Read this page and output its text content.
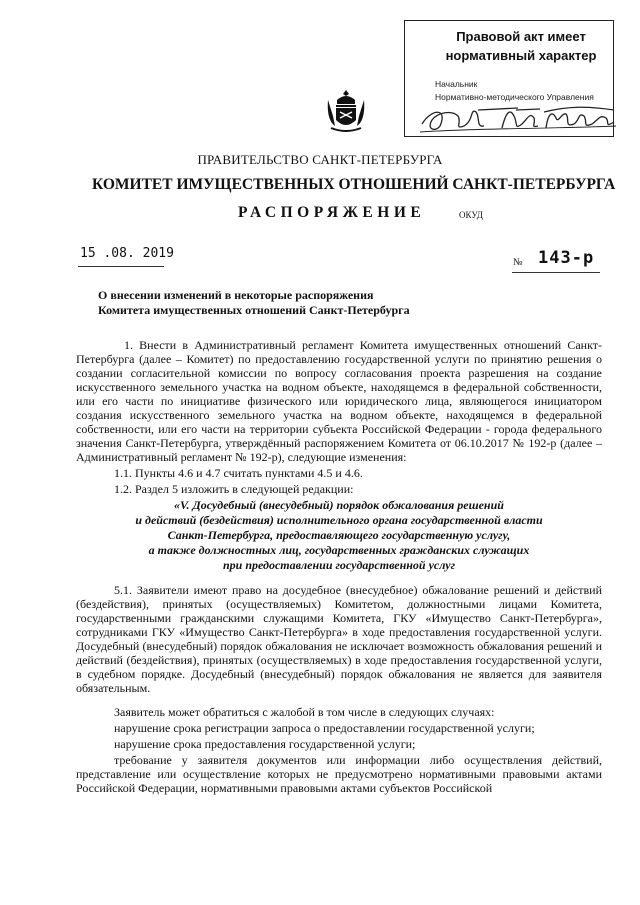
Правовой акт имеет
нормативный характер
Начальник
Нормативно-методического Управления
ПРАВИТЕЛЬСТВО САНКТ-ПЕТЕРБУРГА
КОМИТЕТ ИМУЩЕСТВЕННЫХ ОТНОШЕНИЙ САНКТ-ПЕТЕРБУРГА
РАСПОРЯЖЕНИЕ	ОКУД
15 .08. 2019
№ 143-р
О внесении изменений в некоторые распоряжения
Комитета имущественных отношений Санкт-Петербурга

1. Внести в Административный регламент Комитета имущественных отношений Санкт-Петербурга (далее – Комитет) по предоставлению государственной услуги по принятию решения о создании согласительной комиссии по вопросу согласования проекта разрешения на создание искусственного земельного участка на водном объекте, находящемся в федеральной собственности, или его части по инициативе физического или юридического лица, являющегося инициатором создания искусственного земельного участка на водном объекте, находящемся в федеральной собственности, или его части на территории субъекта Российской Федерации - города федерального значения Санкт-Петербурга, утверждённый распоряжением Комитета от 06.10.2017 № 192-р (далее – Административный регламент № 192-р), следующие изменения:

1.1. Пункты 4.6 и 4.7 считать пунктами 4.5 и 4.6.

1.2. Раздел 5 изложить в следующей редакции:

«V. Досудебный (внесудебный) порядок обжалования решений
и действий (бездействия) исполнительного органа государственной власти
Санкт-Петербурга, предоставляющего государственную услугу,
а также должностных лиц, государственных гражданских служащих
при предоставлении государственной услуг

5.1. Заявители имеют право на досудебное (внесудебное) обжалование решений и действий (бездействия), принятых (осуществляемых) Комитетом, должностными лицами Комитета, государственными гражданскими служащими Комитета, ГКУ «Имущество Санкт-Петербурга», сотрудниками ГКУ «Имущество Санкт-Петербурга» в ходе предоставления государственной услуги. Досудебный (внесудебный) порядок обжалования не исключает возможность обжалования решений и действий (бездействия), принятых (осуществляемых) в ходе предоставления государственной услуги, в судебном порядке. Досудебный (внесудебный) порядок обжалования не является для заявителя обязательным.

Заявитель может обратиться с жалобой в том числе в следующих случаях:

нарушение срока регистрации запроса о предоставлении государственной услуги;

нарушение срока предоставления государственной услуги;

требование у заявителя документов или информации либо осуществления действий, представление или осуществление которых не предусмотрено нормативными правовыми актами Российской Федерации, нормативными правовыми актами субъектов Российской
